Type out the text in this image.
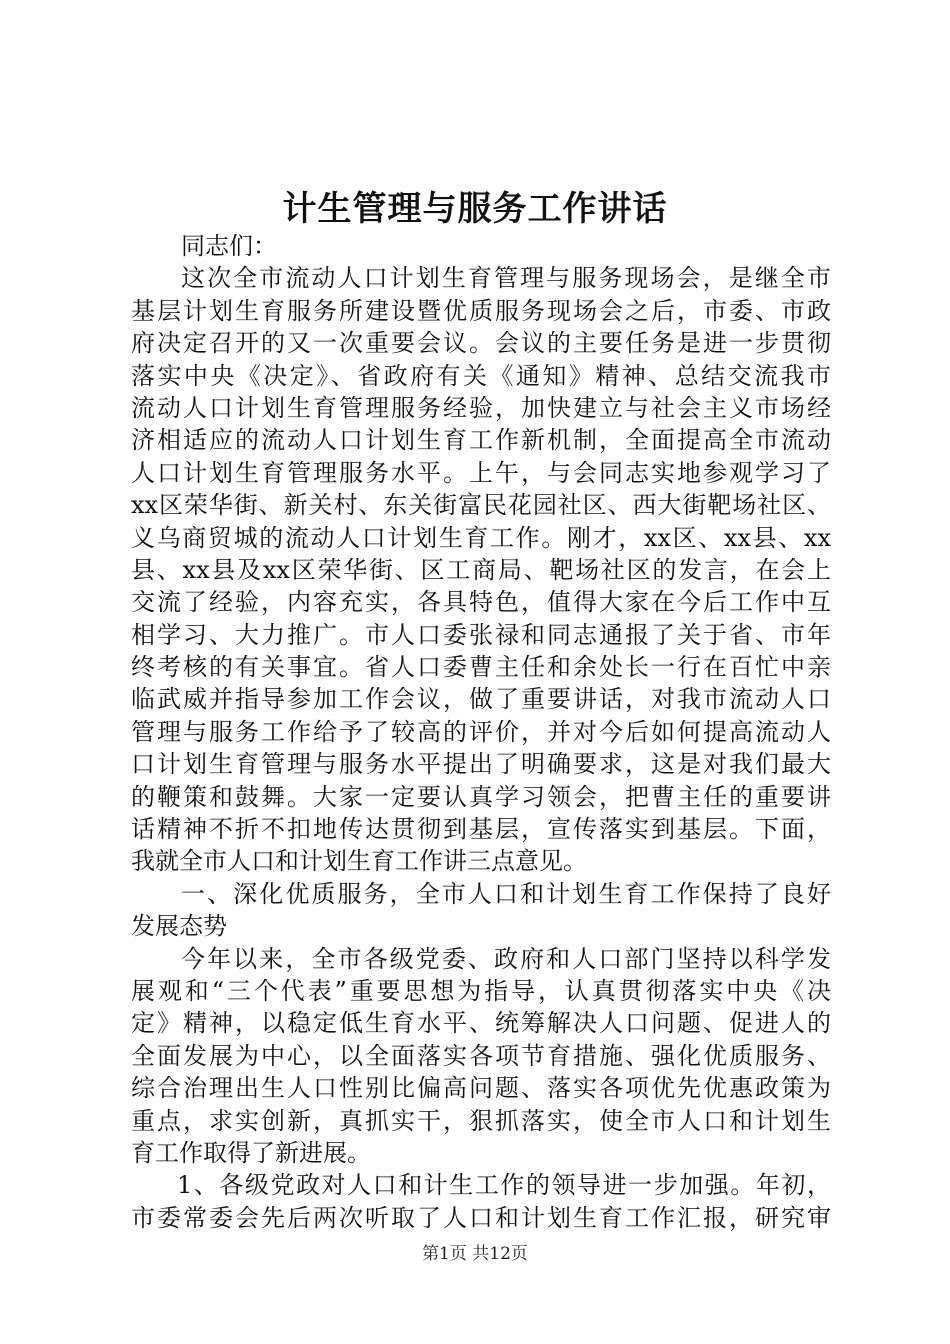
计生管理与服务工作讲话
同志们：
这次全市流动人口计划生育管理与服务现场会，是继全市
基层计划生育服务所建设暨优质服务现场会之后，市委、市政
府决定召开的又一次重要会议。会议的主要任务是进一步贯彻
落实中央《决定》、省政府有关《通知》精神、总结交流我市
流动人口计划生育管理服务经验，加快建立与社会主义市场经
济相适应的流动人口计划生育工作新机制，全面提高全市流动
人口计划生育管理服务水平。上午，与会同志实地参观学习了
xx区荣华街、新关村、东关街富民花园社区、西大街靶场社区、
义乌商贸城的流动人口计划生育工作。刚才，xx区、xx县、xx
县、xx县及xx区荣华街、区工商局、靶场社区的发言，在会上
交流了经验，内容充实，各具特色，值得大家在今后工作中互
相学习、大力推广。市人口委张禄和同志通报了关于省、市年
终考核的有关事宜。省人口委曹主任和余处长一行在百忙中亲
临武威并指导参加工作会议，做了重要讲话，对我市流动人口
管理与服务工作给予了较高的评价，并对今后如何提高流动人
口计划生育管理与服务水平提出了明确要求，这是对我们最大
的鞭策和鼓舞。大家一定要认真学习领会，把曹主任的重要讲
话精神不折不扣地传达贯彻到基层，宣传落实到基层。下面，
我就全市人口和计划生育工作讲三点意见。
一、深化优质服务，全市人口和计划生育工作保持了良好
发展态势
今年以来，全市各级党委、政府和人口部门坚持以科学发
展观和“三个代表”重要思想为指导，认真贯彻落实中央《决
定》精神，以稳定低生育水平、统筹解决人口问题、促进人的
全面发展为中心，以全面落实各项节育措施、强化优质服务、
综合治理出生人口性别比偏高问题、落实各项优先优惠政策为
重点，求实创新，真抓实干，狠抓落实，使全市人口和计划生
育工作取得了新进展。
1、各级党政对人口和计生工作的领导进一步加强。年初，
市委常委会先后两次听取了人口和计划生育工作汇报，研究审
第1页 共12页
